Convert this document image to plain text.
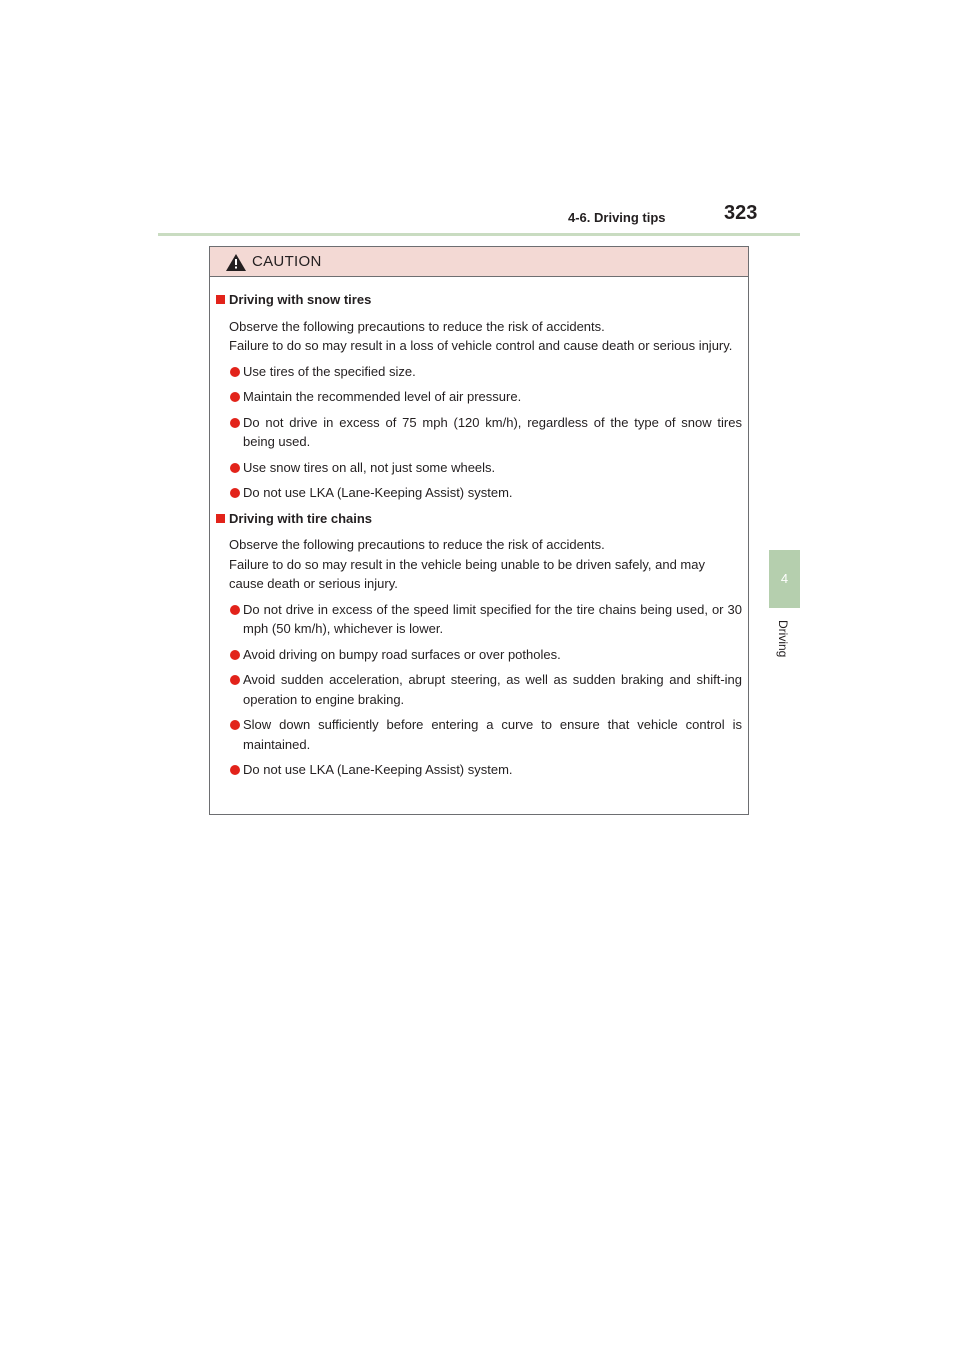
4-6. Driving tips	323
4
Driving
CAUTION
Driving with snow tires
Observe the following precautions to reduce the risk of accidents.
Failure to do so may result in a loss of vehicle control and cause death or serious injury.
Use tires of the specified size.
Maintain the recommended level of air pressure.
Do not drive in excess of 75 mph (120 km/h), regardless of the type of snow tires being used.
Use snow tires on all, not just some wheels.
Do not use LKA (Lane-Keeping Assist) system.
Driving with tire chains
Observe the following precautions to reduce the risk of accidents.
Failure to do so may result in the vehicle being unable to be driven safely, and may cause death or serious injury.
Do not drive in excess of the speed limit specified for the tire chains being used, or 30 mph (50 km/h), whichever is lower.
Avoid driving on bumpy road surfaces or over potholes.
Avoid sudden acceleration, abrupt steering, as well as sudden braking and shift-ing operation to engine braking.
Slow down sufficiently before entering a curve to ensure that vehicle control is maintained.
Do not use LKA (Lane-Keeping Assist) system.
